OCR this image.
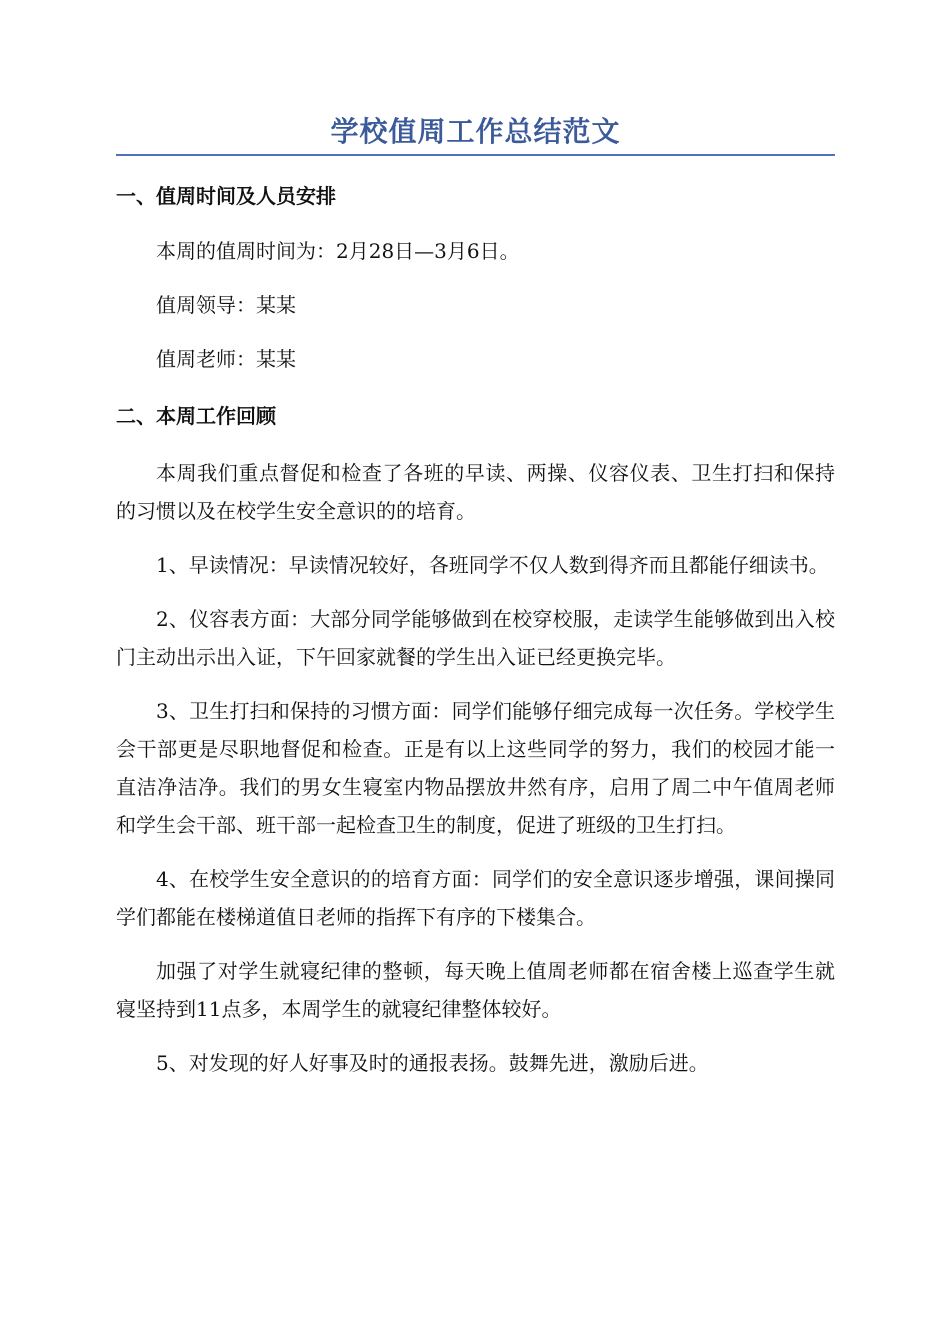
学校值周工作总结范文
一、值周时间及人员安排

本周的值周时间为：2月28日—3月6日。

值周领导：某某

值周老师：某某

二、本周工作回顾

本周我们重点督促和检查了各班的早读、两操、仪容仪表、卫生打扫和保持的习惯以及在校学生安全意识的的培育。

1、早读情况：早读情况较好，各班同学不仅人数到得齐而且都能仔细读书。

2、仪容表方面：大部分同学能够做到在校穿校服，走读学生能够做到出入校门主动出示出入证，下午回家就餐的学生出入证已经更换完毕。

3、卫生打扫和保持的习惯方面：同学们能够仔细完成每一次任务。学校学生会干部更是尽职地督促和检查。正是有以上这些同学的努力，我们的校园才能一直洁净洁净。我们的男女生寝室内物品摆放井然有序，启用了周二中午值周老师和学生会干部、班干部一起检查卫生的制度，促进了班级的卫生打扫。

4、在校学生安全意识的的培育方面：同学们的安全意识逐步增强，课间操同学们都能在楼梯道值日老师的指挥下有序的下楼集合。

加强了对学生就寝纪律的整顿，每天晚上值周老师都在宿舍楼上巡查学生就寝坚持到11点多，本周学生的就寝纪律整体较好。

5、对发现的好人好事及时的通报表扬。鼓舞先进，激励后进。
